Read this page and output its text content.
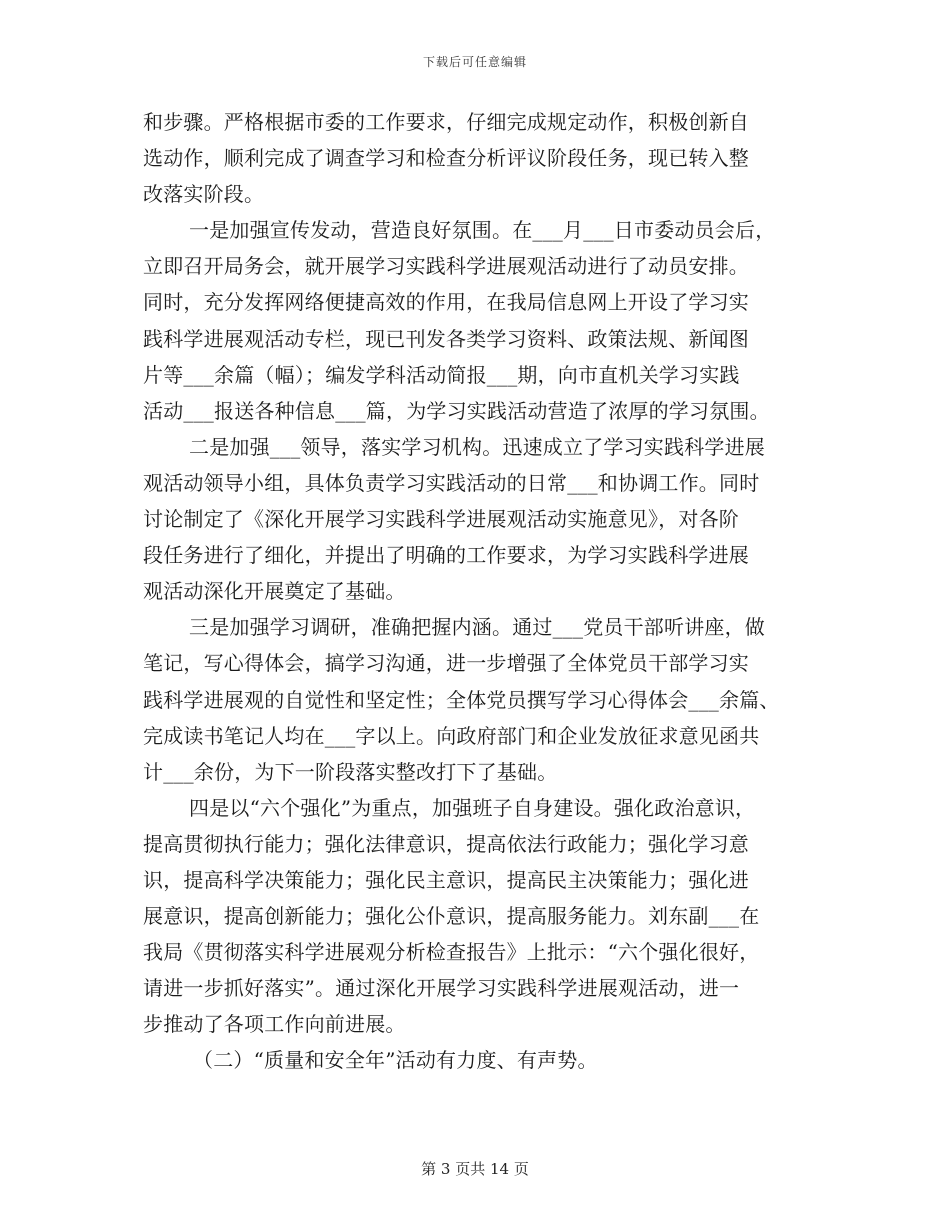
下载后可任意编辑
和步骤。严格根据市委的工作要求，仔细完成规定动作，积极创新自
选动作，顺利完成了调查学习和检查分析评议阶段任务，现已转入整
改落实阶段。
一是加强宣传发动，营造良好氛围。在___月___日市委动员会后，
立即召开局务会，就开展学习实践科学进展观活动进行了动员安排。
同时，充分发挥网络便捷高效的作用，在我局信息网上开设了学习实
践科学进展观活动专栏，现已刊发各类学习资料、政策法规、新闻图
片等___余篇（幅）；编发学科活动简报___期，向市直机关学习实践
活动___报送各种信息___篇，为学习实践活动营造了浓厚的学习氛围。
二是加强___领导，落实学习机构。迅速成立了学习实践科学进展
观活动领导小组，具体负责学习实践活动的日常___和协调工作。同时
讨论制定了《深化开展学习实践科学进展观活动实施意见》，对各阶
段任务进行了细化，并提出了明确的工作要求，为学习实践科学进展
观活动深化开展奠定了基础。
三是加强学习调研，准确把握内涵。通过___党员干部听讲座，做
笔记，写心得体会，搞学习沟通，进一步增强了全体党员干部学习实
践科学进展观的自觉性和坚定性；全体党员撰写学习心得体会___余篇、
完成读书笔记人均在___字以上。向政府部门和企业发放征求意见函共
计___余份，为下一阶段落实整改打下了基础。
四是以“六个强化”为重点，加强班子自身建设。强化政治意识，
提高贯彻执行能力；强化法律意识，提高依法行政能力；强化学习意
识，提高科学决策能力；强化民主意识，提高民主决策能力；强化进
展意识，提高创新能力；强化公仆意识，提高服务能力。刘东副___在
我局《贯彻落实科学进展观分析检查报告》上批示：“六个强化很好，
请进一步抓好落实”。通过深化开展学习实践科学进展观活动，进一
步推动了各项工作向前进展。
（二）“质量和安全年”活动有力度、有声势。
第 3 页共 14 页
